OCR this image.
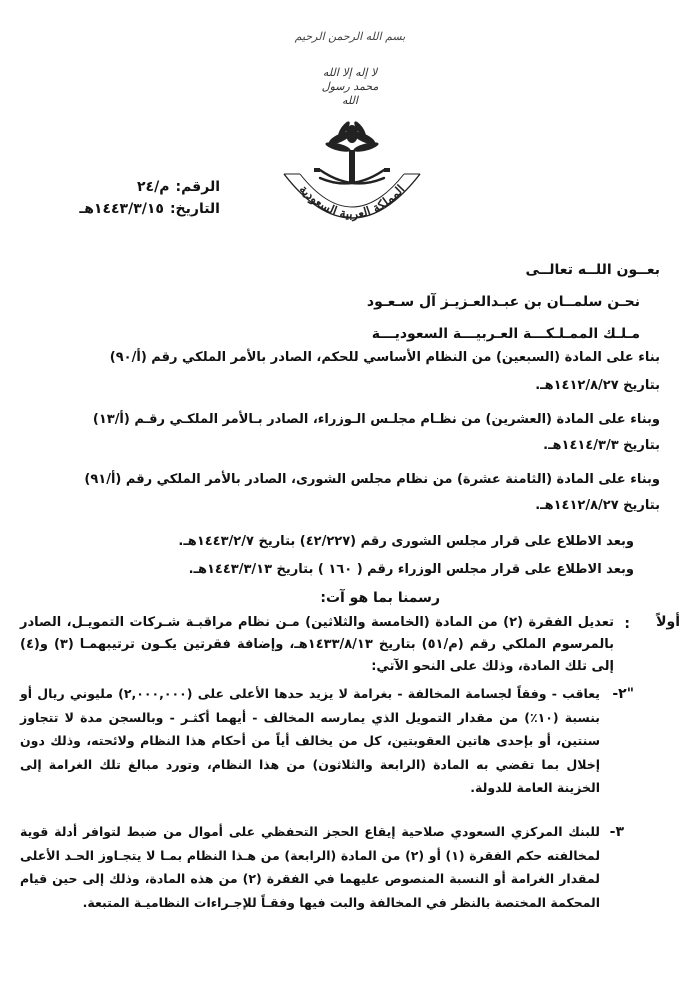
بسم الله الرحمن الرحيم
لا إله إلا الله محمد رسول الله
المملكة العربية السعودية
الرقم:م/٢٤
التاريخ:١٤٤٣/٣/١٥هـ
بعــون اللــه تعالــى
نحـن سلمــان بن عبـدالعـزيـز آل سـعـود
مـلـك الممـلـكـــة العـربيـــة السعوديـــة
بناء على المادة (السبعين) من النظام الأساسي للحكم، الصادر بالأمر الملكي رقم (أ/٩٠)
بتاريخ ١٤١٢/٨/٢٧هـ.
وبناء على المادة (العشرين) من نظـام مجلـس الـوزراء، الصادر بـالأمر الملكـي رقـم (أ/١٣)
بتاريخ ١٤١٤/٣/٣هـ.
وبناء على المادة (الثامنة عشرة) من نظام مجلس الشورى، الصادر بالأمر الملكي رقم (أ/٩١)
بتاريخ ١٤١٢/٨/٢٧هـ.
وبعد الاطلاع على قرار مجلس الشورى رقم (٤٢/٢٢٧) بتاريخ ١٤٤٣/٢/٧هـ.
وبعد الاطلاع على قرار مجلس الوزراء رقم ( ١٦٠ ) بتاريخ ١٤٤٣/٣/١٣هـ.
رسمنا بما هو آت:
أولاً
:
تعديل الفقرة (٢) من المادة (الخامسة والثلاثين) مـن نظام مراقبـة شـركات التمويـل، الصادر بالمرسوم الملكي رقم (م/٥١) بتاريخ ١٤٣٣/٨/١٣هـ، وإضافة فقرتين يكـون ترتيبهمـا (٣) و(٤) إلى تلك المادة، وذلك على النحو الآتي:
"٢-
يعاقب - وفقاً لجسامة المخالفة - بغرامة لا يزيد حدها الأعلى على (٢,٠٠٠,٠٠٠) مليوني ريال أو بنسبة (١٠٪) من مقدار التمويل الذي يمارسه المخالف - أيهما أكثـر - وبالسجن مدة لا تتجاوز سنتين، أو بإحدى هاتين العقوبتين، كل من يخالف أياً من أحكام هذا النظام ولائحته، وذلك دون إخلال بما تقضي به المادة (الرابعة والثلاثون) من هذا النظام، وتورد مبالغ تلك الغرامة إلى الخزينة العامة للدولة.
٣-
للبنك المركزي السعودي صلاحية إيقاع الحجز التحفظي على أموال من ضبط لتوافر أدلة قوية لمخالفته حكم الفقرة (١) أو (٢) من المادة (الرابعة) من هـذا النظام بمـا لا يتجـاوز الحـد الأعلى لمقدار الغرامة أو النسبة المنصوص عليهما في الفقرة (٢) من هذه المادة، وذلك إلى حين قيام المحكمة المختصة بالنظر في المخالفة والبت فيها وفقـاً للإجـراءات النظاميـة المتبعة.
